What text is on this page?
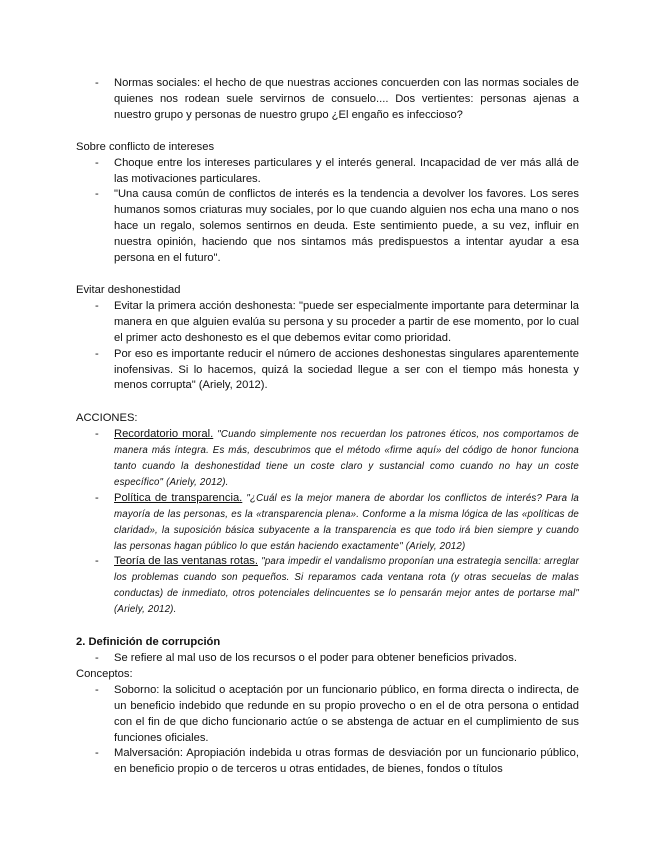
- Normas sociales: el hecho de que nuestras acciones concuerden con las normas sociales de quienes nos rodean suele servirnos de consuelo.... Dos vertientes: personas ajenas a nuestro grupo y personas de nuestro grupo ¿El engaño es infeccioso?

Sobre conflicto de intereses

- Choque entre los intereses particulares y el interés general. Incapacidad de ver más allá de las motivaciones particulares.
- "Una causa común de conflictos de interés es la tendencia a devolver los favores. Los seres humanos somos criaturas muy sociales, por lo que cuando alguien nos echa una mano o nos hace un regalo, solemos sentirnos en deuda. Este sentimiento puede, a su vez, influir en nuestra opinión, haciendo que nos sintamos más predispuestos a intentar ayudar a esa persona en el futuro".

Evitar deshonestidad

- Evitar la primera acción deshonesta: "puede ser especialmente importante para determinar la manera en que alguien evalúa su persona y su proceder a partir de ese momento, por lo cual el primer acto deshonesto es el que debemos evitar como prioridad.
- Por eso es importante reducir el número de acciones deshonestas singulares aparentemente inofensivas. Si lo hacemos, quizá la sociedad llegue a ser con el tiempo más honesta y menos corrupta" (Ariely, 2012).

ACCIONES:

- Recordatorio moral. "Cuando simplemente nos recuerdan los patrones éticos, nos comportamos de manera más íntegra. Es más, descubrimos que el método «firme aquí» del código de honor funciona tanto cuando la deshonestidad tiene un coste claro y sustancial como cuando no hay un coste específico" (Ariely, 2012).
- Política de transparencia. "¿Cuál es la mejor manera de abordar los conflictos de interés? Para la mayoría de las personas, es la «transparencia plena». Conforme a la misma lógica de las «políticas de claridad», la suposición básica subyacente a la transparencia es que todo irá bien siempre y cuando las personas hagan público lo que están haciendo exactamente" (Ariely, 2012)
- Teoría de las ventanas rotas. "para impedir el vandalismo proponían una estrategia sencilla: arreglar los problemas cuando son pequeños. Si reparamos cada ventana rota (y otras secuelas de malas conductas) de inmediato, otros potenciales delincuentes se lo pensarán mejor antes de portarse mal" (Ariely, 2012).

2. Definición de corrupción

- Se refiere al mal uso de los recursos o el poder para obtener beneficios privados.

Conceptos:

- Soborno: la solicitud o aceptación por un funcionario público, en forma directa o indirecta, de un beneficio indebido que redunde en su propio provecho o en el de otra persona o entidad con el fin de que dicho funcionario actúe o se abstenga de actuar en el cumplimiento de sus funciones oficiales.
- Malversación: Apropiación indebida u otras formas de desviación por un funcionario público, en beneficio propio o de terceros u otras entidades, de bienes, fondos o títulos
